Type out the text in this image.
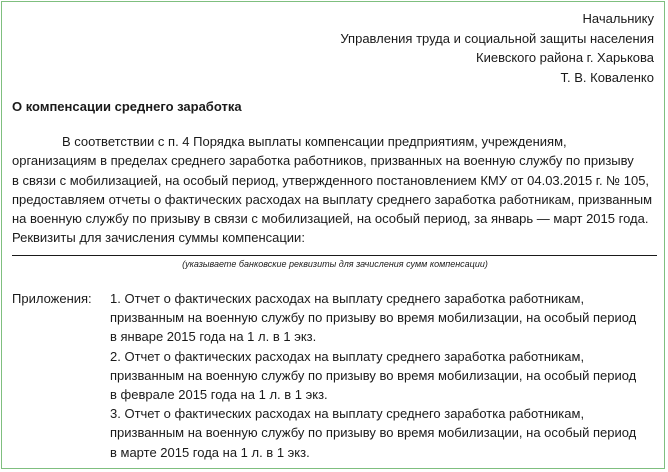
Начальнику
Управления труда и социальной защиты населения
Киевского района г. Харькова
Т. В. Коваленко
О компенсации среднего заработка

В соответствии с п. 4 Порядка выплаты компенсации предприятиям, учреждениям,

организациям в пределах среднего заработка работников, призванных на военную службу по призыву

в связи с мобилизацией, на особый период, утвержденного постановлением КМУ от 04.03.2015 г. № 105,

предоставляем отчеты о фактических расходах на выплату среднего заработка работникам, призванным

на военную службу по призыву в связи с мобилизацией, на особый период, за январь — март 2015 года.

Реквизиты для зачисления суммы компенсации:

(указываете банковские реквизиты для зачисления сумм компенсации)
Приложения: 1. Отчет о фактических расходах на выплату среднего заработка работникам,
призванным на военную службу по призыву во время мобилизации, на особый период
в январе 2015 года на 1 л. в 1 экз.
2. Отчет о фактических расходах на выплату среднего заработка работникам,
призванным на военную службу по призыву во время мобилизации, на особый период
в феврале 2015 года на 1 л. в 1 экз.
3. Отчет о фактических расходах на выплату среднего заработка работникам,
призванным на военную службу по призыву во время мобилизации, на особый период
в марте 2015 года на 1 л. в 1 экз.
